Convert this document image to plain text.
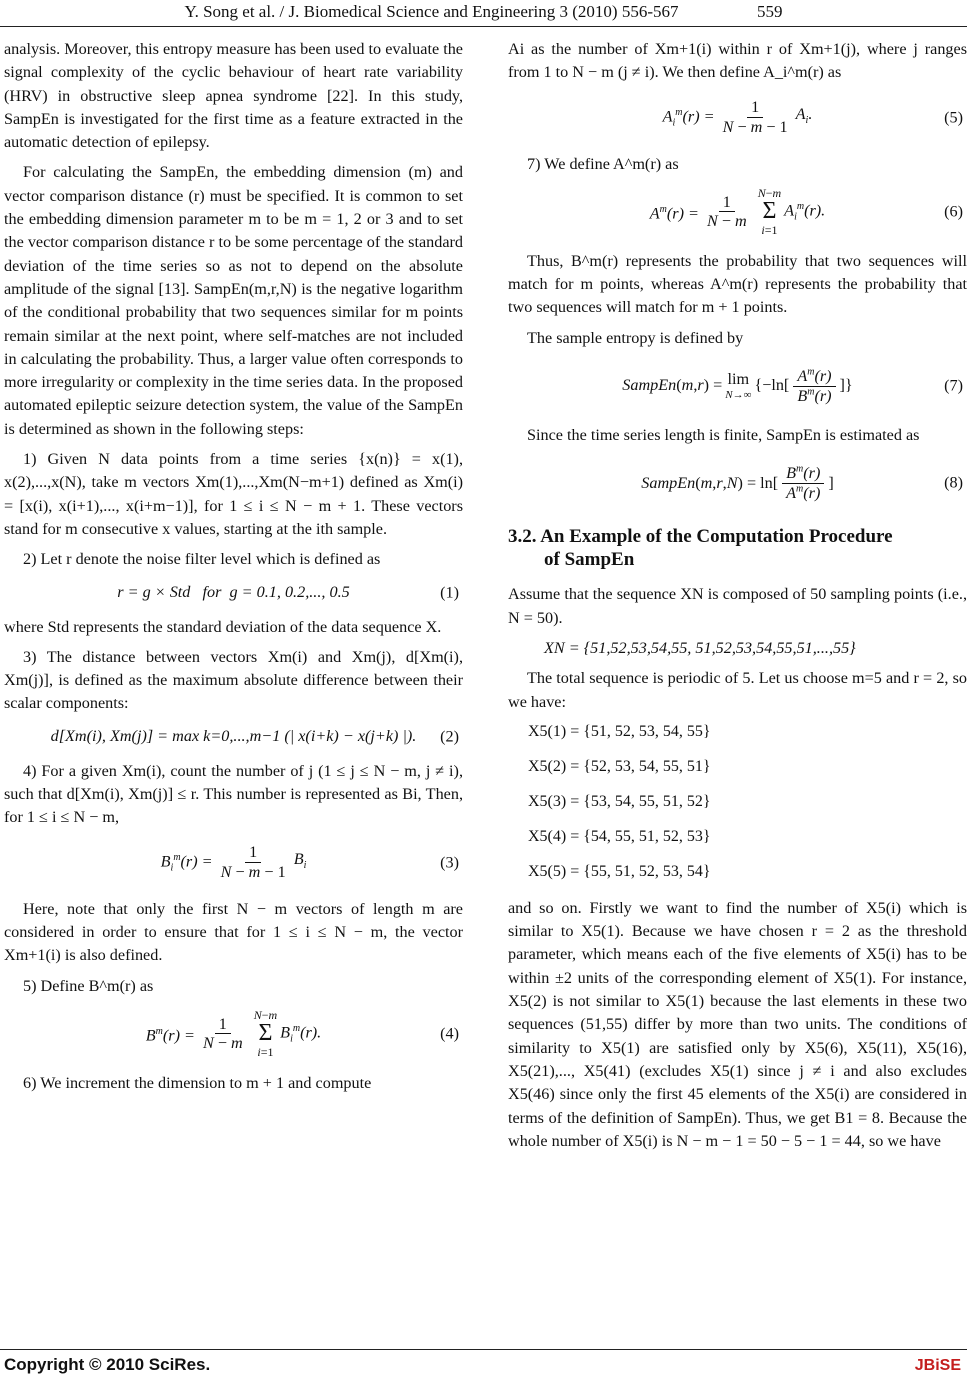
Y. Song et al. / J. Biomedical Science and Engineering 3 (2010) 556-567	559

analysis. Moreover, this entropy measure has been used to evaluate the signal complexity of the cyclic behaviour of heart rate variability (HRV) in obstructive sleep apnea syndrome [22]. In this study, SampEn is investigated for the first time as a feature extracted in the automatic detection of epilepsy.

For calculating the SampEn, the embedding dimension (m) and vector comparison distance (r) must be specified. It is common to set the embedding dimension parameter m to be m = 1, 2 or 3 and to set the vector comparison distance r to be some percentage of the standard deviation of the time series so as not to depend on the absolute amplitude of the signal [13]. SampEn(m,r,N) is the negative logarithm of the conditional probability that two sequences similar for m points remain similar at the next point, where self-matches are not included in calculating the probability. Thus, a larger value often corresponds to more irregularity or complexity in the time series data. In the proposed automated epileptic seizure detection system, the value of the SampEn is determined as shown in the following steps:

1) Given N data points from a time series {x(n)} = x(1), x(2),...,x(N), take m vectors Xm(1),...,Xm(N−m+1) defined as Xm(i) = [x(i), x(i+1),..., x(i+m−1)], for 1 ≤ i ≤ N − m + 1. These vectors stand for m consecutive x values, starting at the ith sample.

2) Let r denote the noise filter level which is defined as

r = g × Std   for  g = 0.1, 0.2,..., 0.5	(1)

where Std represents the standard deviation of the data sequence X.

3) The distance between vectors Xm(i) and Xm(j), d[Xm(i), Xm(j)], is defined as the maximum absolute difference between their scalar components:

d[Xm(i), Xm(j)] = max k=0,...,m−1 (| x(i+k) − x(j+k) |). (2)

4) For a given Xm(i), count the number of j (1 ≤ j ≤ N − m, j ≠ i), such that d[Xm(i), Xm(j)] ≤ r. This number is represented as Bi, Then, for 1 ≤ i ≤ N − m,

$B_i^m(r) = \frac{1}{N - m - 1} B_i$	(3)

Here, note that only the first N − m vectors of length m are considered in order to ensure that for 1 ≤ i ≤ N − m, the vector Xm+1(i) is also defined.

5) Define B^m(r) as

$B^m(r) = \frac{1}{N - m} N-m$
Σ
i=1
$B_i^m(r)$.	(4)

6) We increment the dimension to m + 1 and compute

Ai as the number of Xm+1(i) within r of Xm+1(j), where j ranges from 1 to N − m (j ≠ i). We then define A_i^m(r) as

$A_i^m(r) = \frac{1}{N - m - 1} A_i$.	(5)

7) We define A^m(r) as

$A^m(r) = \frac{1}{N - m} N-m$
Σ
i=1
$A_i^m(r)$.	(6)

Thus, B^m(r) represents the probability that two sequences will match for m points, whereas A^m(r) represents the probability that two sequences will match for m + 1 points.

The sample entropy is defined by

SampEn ( m , r ) = lim
N→∞
{$-\ln[ \frac{A^m(r)}{B^m(r)}$ ]}	(7)

Since the time series length is finite, SampEn is estimated as

SampEn ( m , r , N ) = $\ln[ \frac{B^m(r)}{A^m(r)}$ ]	(8)
3.2. An Example of the Computation Procedure
of SampEn

Assume that the sequence XN is composed of 50 sampling points (i.e., N = 50).

XN = {51,52,53,54,55, 51,52,53,54,55,51,...,55}

The total sequence is periodic of 5. Let us choose m=5 and r = 2, so we have:

X5(1) = {51, 52, 53, 54, 55}
X5(2) = {52, 53, 54, 55, 51}
X5(3) = {53, 54, 55, 51, 52}
X5(4) = {54, 55, 51, 52, 53}
X5(5) = {55, 51, 52, 53, 54}

and so on. Firstly we want to find the number of X5(i) which is similar to X5(1). Because we have chosen r = 2 as the threshold parameter, which means each of the five elements of X5(i) has to be within ±2 units of the corresponding element of X5(1). For instance, X5(2) is not similar to X5(1) because the last elements in these two sequences (51,55) differ by more than two units. The conditions of similarity to X5(1) are satisfied only by X5(6), X5(11), X5(16), X5(21),..., X5(41) (excludes X5(1) since j ≠ i and also excludes X5(46) since only the first 45 elements of the X5(i) are considered in terms of the definition of SampEn). Thus, we get B1 = 8. Because the whole number of X5(i) is N − m − 1 = 50 − 5 − 1 = 44, so we have

Copyright © 2010 SciRes.	JBiSE
